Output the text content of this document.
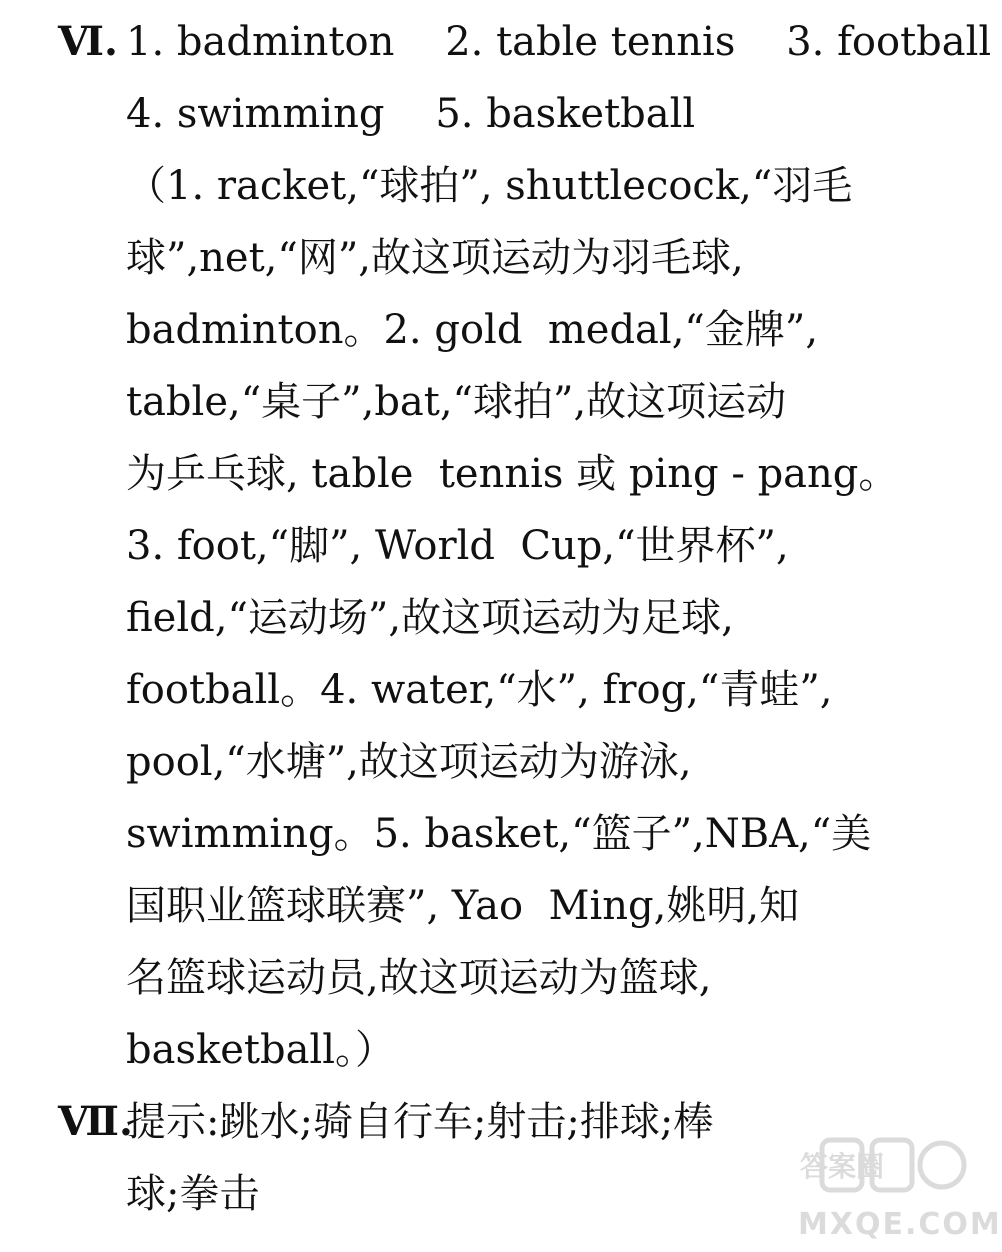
Ⅵ. 1. badminton    2. table tennis    3. football
4. swimming    5. basketball
（1. racket,“球拍”, shuttlecock,“羽毛
球”,net,“网”,故这项运动为羽毛球,
badminton。2. gold  medal,“金牌”,
table,“桌子”,bat,“球拍”,故这项运动
为乒乓球, table  tennis 或 ping - pang。
3. foot,“脚”, World  Cup,“世界杯”,
field,“运动场”,故这项运动为足球,
football。4. water,“水”, frog,“青蛙”,
pool,“水塘”,故这项运动为游泳,
swimming。5. basket,“篮子”,NBA,“美
国职业篮球联赛”, Yao  Ming,姚明,知
名篮球运动员,故这项运动为篮球,
basketball。）
Ⅶ.
提示:跳水;骑自行车;射击;排球;棒
球;拳击
答案圈
MXQE.COM
